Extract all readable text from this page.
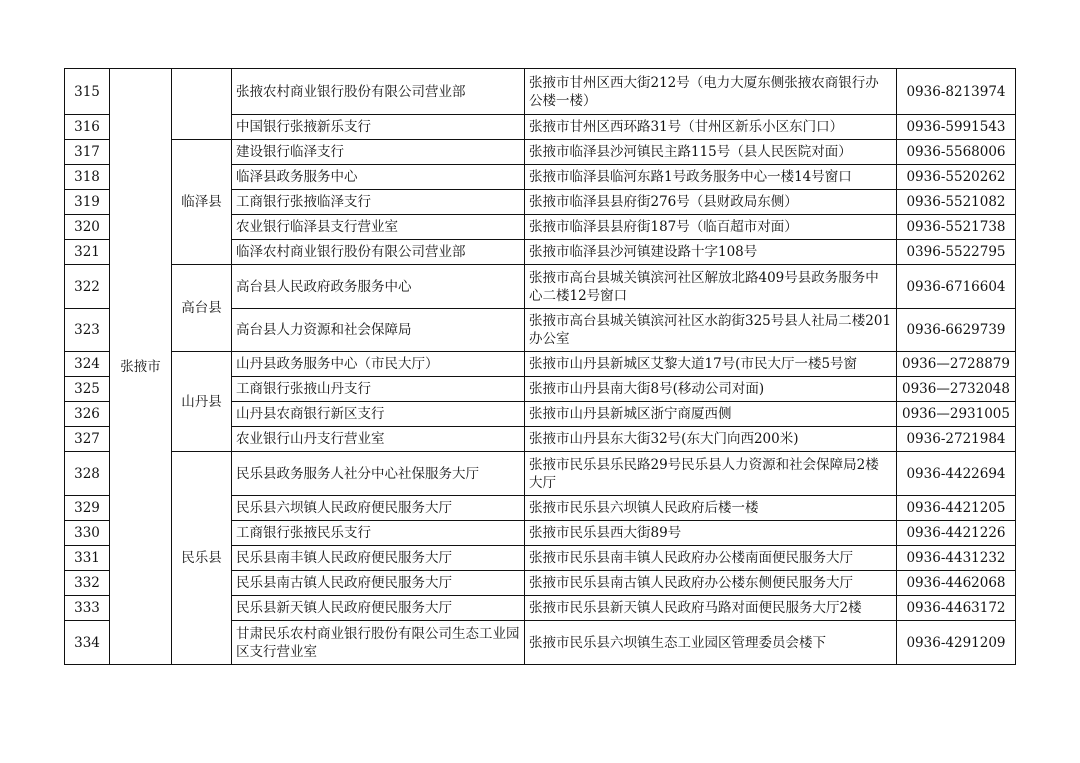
315	张掖市		张掖农村商业银行股份有限公司营业部	张掖市甘州区西大街212号（电力大厦东侧张掖农商银行办公楼一楼）	0936-8213974
316			中国银行张掖新乐支行	张掖市甘州区西环路31号（甘州区新乐小区东门口）	0936-5991543
317		临泽县	建设银行临泽支行	张掖市临泽县沙河镇民主路115号（县人民医院对面）	0936-5568006
318			临泽县政务服务中心	张掖市临泽县临河东路1号政务服务中心一楼14号窗口	0936-5520262
319			工商银行张掖临泽支行	张掖市临泽县县府街276号（县财政局东侧）	0936-5521082
320			农业银行临泽县支行营业室	张掖市临泽县县府街187号（临百超市对面）	0936-5521738
321			临泽农村商业银行股份有限公司营业部	张掖市临泽县沙河镇建设路十字108号	0396-5522795
322		高台县	高台县人民政府政务服务中心	张掖市高台县城关镇滨河社区解放北路409号县政务服务中心二楼12号窗口	0936-6716604
323			高台县人力资源和社会保障局	张掖市高台县城关镇滨河社区水韵街325号县人社局二楼201办公室	0936-6629739
324		山丹县	山丹县政务服务中心（市民大厅）	张掖市山丹县新城区艾黎大道17号(市民大厅一楼5号窗	0936—2728879
325			工商银行张掖山丹支行	张掖市山丹县南大街8号(移动公司对面)	0936—2732048
326			山丹县农商银行新区支行	张掖市山丹县新城区浙宁商厦西侧	0936—2931005
327			农业银行山丹支行营业室	张掖市山丹县东大街32号(东大门向西200米)	0936-2721984
328		民乐县	民乐县政务服务人社分中心社保服务大厅	张掖市民乐县乐民路29号民乐县人力资源和社会保障局2楼大厅	0936-4422694
329			民乐县六坝镇人民政府便民服务大厅	张掖市民乐县六坝镇人民政府后楼一楼	0936-4421205
330			工商银行张掖民乐支行	张掖市民乐县西大街89号	0936-4421226
331			民乐县南丰镇人民政府便民服务大厅	张掖市民乐县南丰镇人民政府办公楼南面便民服务大厅	0936-4431232
332			民乐县南古镇人民政府便民服务大厅	张掖市民乐县南古镇人民政府办公楼东侧便民服务大厅	0936-4462068
333			民乐县新天镇人民政府便民服务大厅	张掖市民乐县新天镇人民政府马路对面便民服务大厅2楼	0936-4463172
334			甘肃民乐农村商业银行股份有限公司生态工业园区支行营业室	张掖市民乐县六坝镇生态工业园区管理委员会楼下	0936-4291209
